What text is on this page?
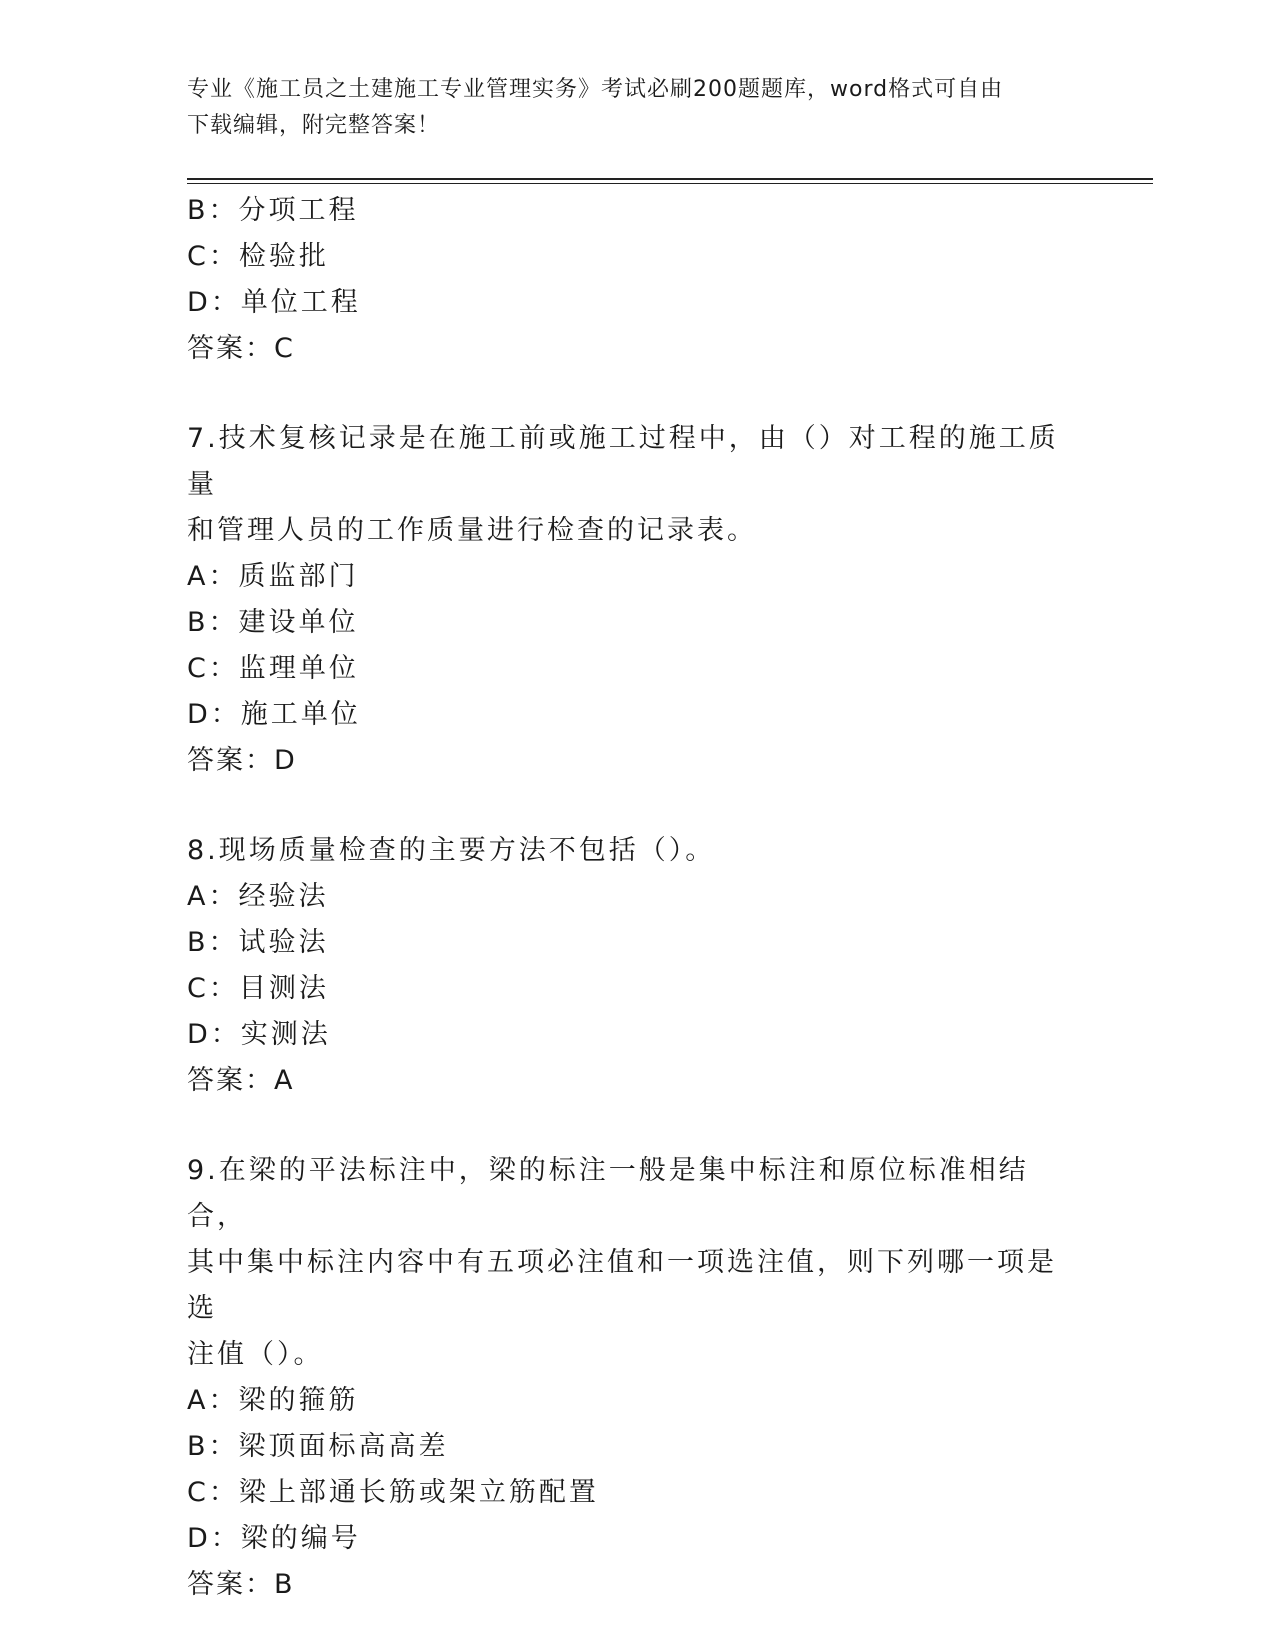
专业《施工员之土建施工专业管理实务》考试必刷200题题库，word格式可自由
下载编辑，附完整答案！
B：分项工程
C：检验批
D：单位工程
答案：C
7.技术复核记录是在施工前或施工过程中，由（）对工程的施工质量
和管理人员的工作质量进行检查的记录表。
A：质监部门
B：建设单位
C：监理单位
D：施工单位
答案：D
8.现场质量检查的主要方法不包括（）。
A：经验法
B：试验法
C：目测法
D：实测法
答案：A
9.在梁的平法标注中，梁的标注一般是集中标注和原位标准相结合，
其中集中标注内容中有五项必注值和一项选注值，则下列哪一项是选
注值（）。
A：梁的箍筋
B：梁顶面标高高差
C：梁上部通长筋或架立筋配置
D：梁的编号
答案：B
